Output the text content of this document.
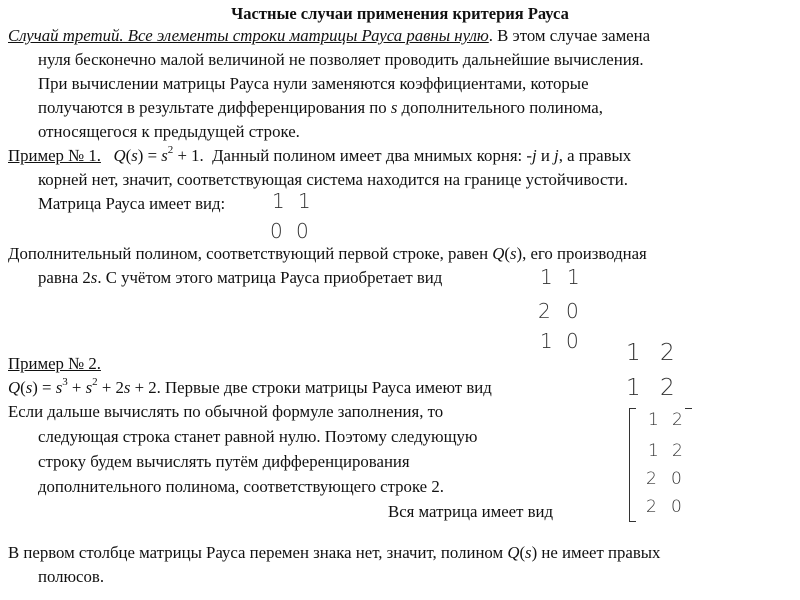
Частные случаи применения критерия Рауса
Случай третий. Все элементы строки матрицы Рауса равны нулю. В этом случае замена
нуля бесконечно малой величиной не позволяет проводить дальнейшие вычисления.
При вычислении матрицы Рауса нули заменяются коэффициентами, которые
получаются в результате дифференцирования по s дополнительного полинома,
относящегося к предыдущей строке.
Пример № 1. $Q(s) = s^2 + 1$. Данный полином имеет два мнимых корня: -j и j, а правых
корней нет, значит, соответствующая система находится на границе устойчивости.
Матрица Рауса имеет вид: 1 1
0 0
Дополнительный полином, соответствующий первой строке, равен Q(s), его производная
равна 2s. С учётом этого матрица Рауса приобретает вид	1 1
2 0
1 0
Пример № 2.
$Q(s) = s^3 + s^2 + 2s + 2$. Первые две строки матрицы Рауса имеют вид
1 2
1 2
Если дальше вычислять по обычной формуле заполнения, то
следующая строка станет равной нулю. Поэтому следующую
строку будем вычислять путём дифференцирования
дополнительного полинома, соответствующего строке 2.
Вся матрица имеет вид
1 2
1 2
2 0
2 0
В первом столбце матрицы Рауса перемен знака нет, значит, полином Q(s) не имеет правых
полюсов.
